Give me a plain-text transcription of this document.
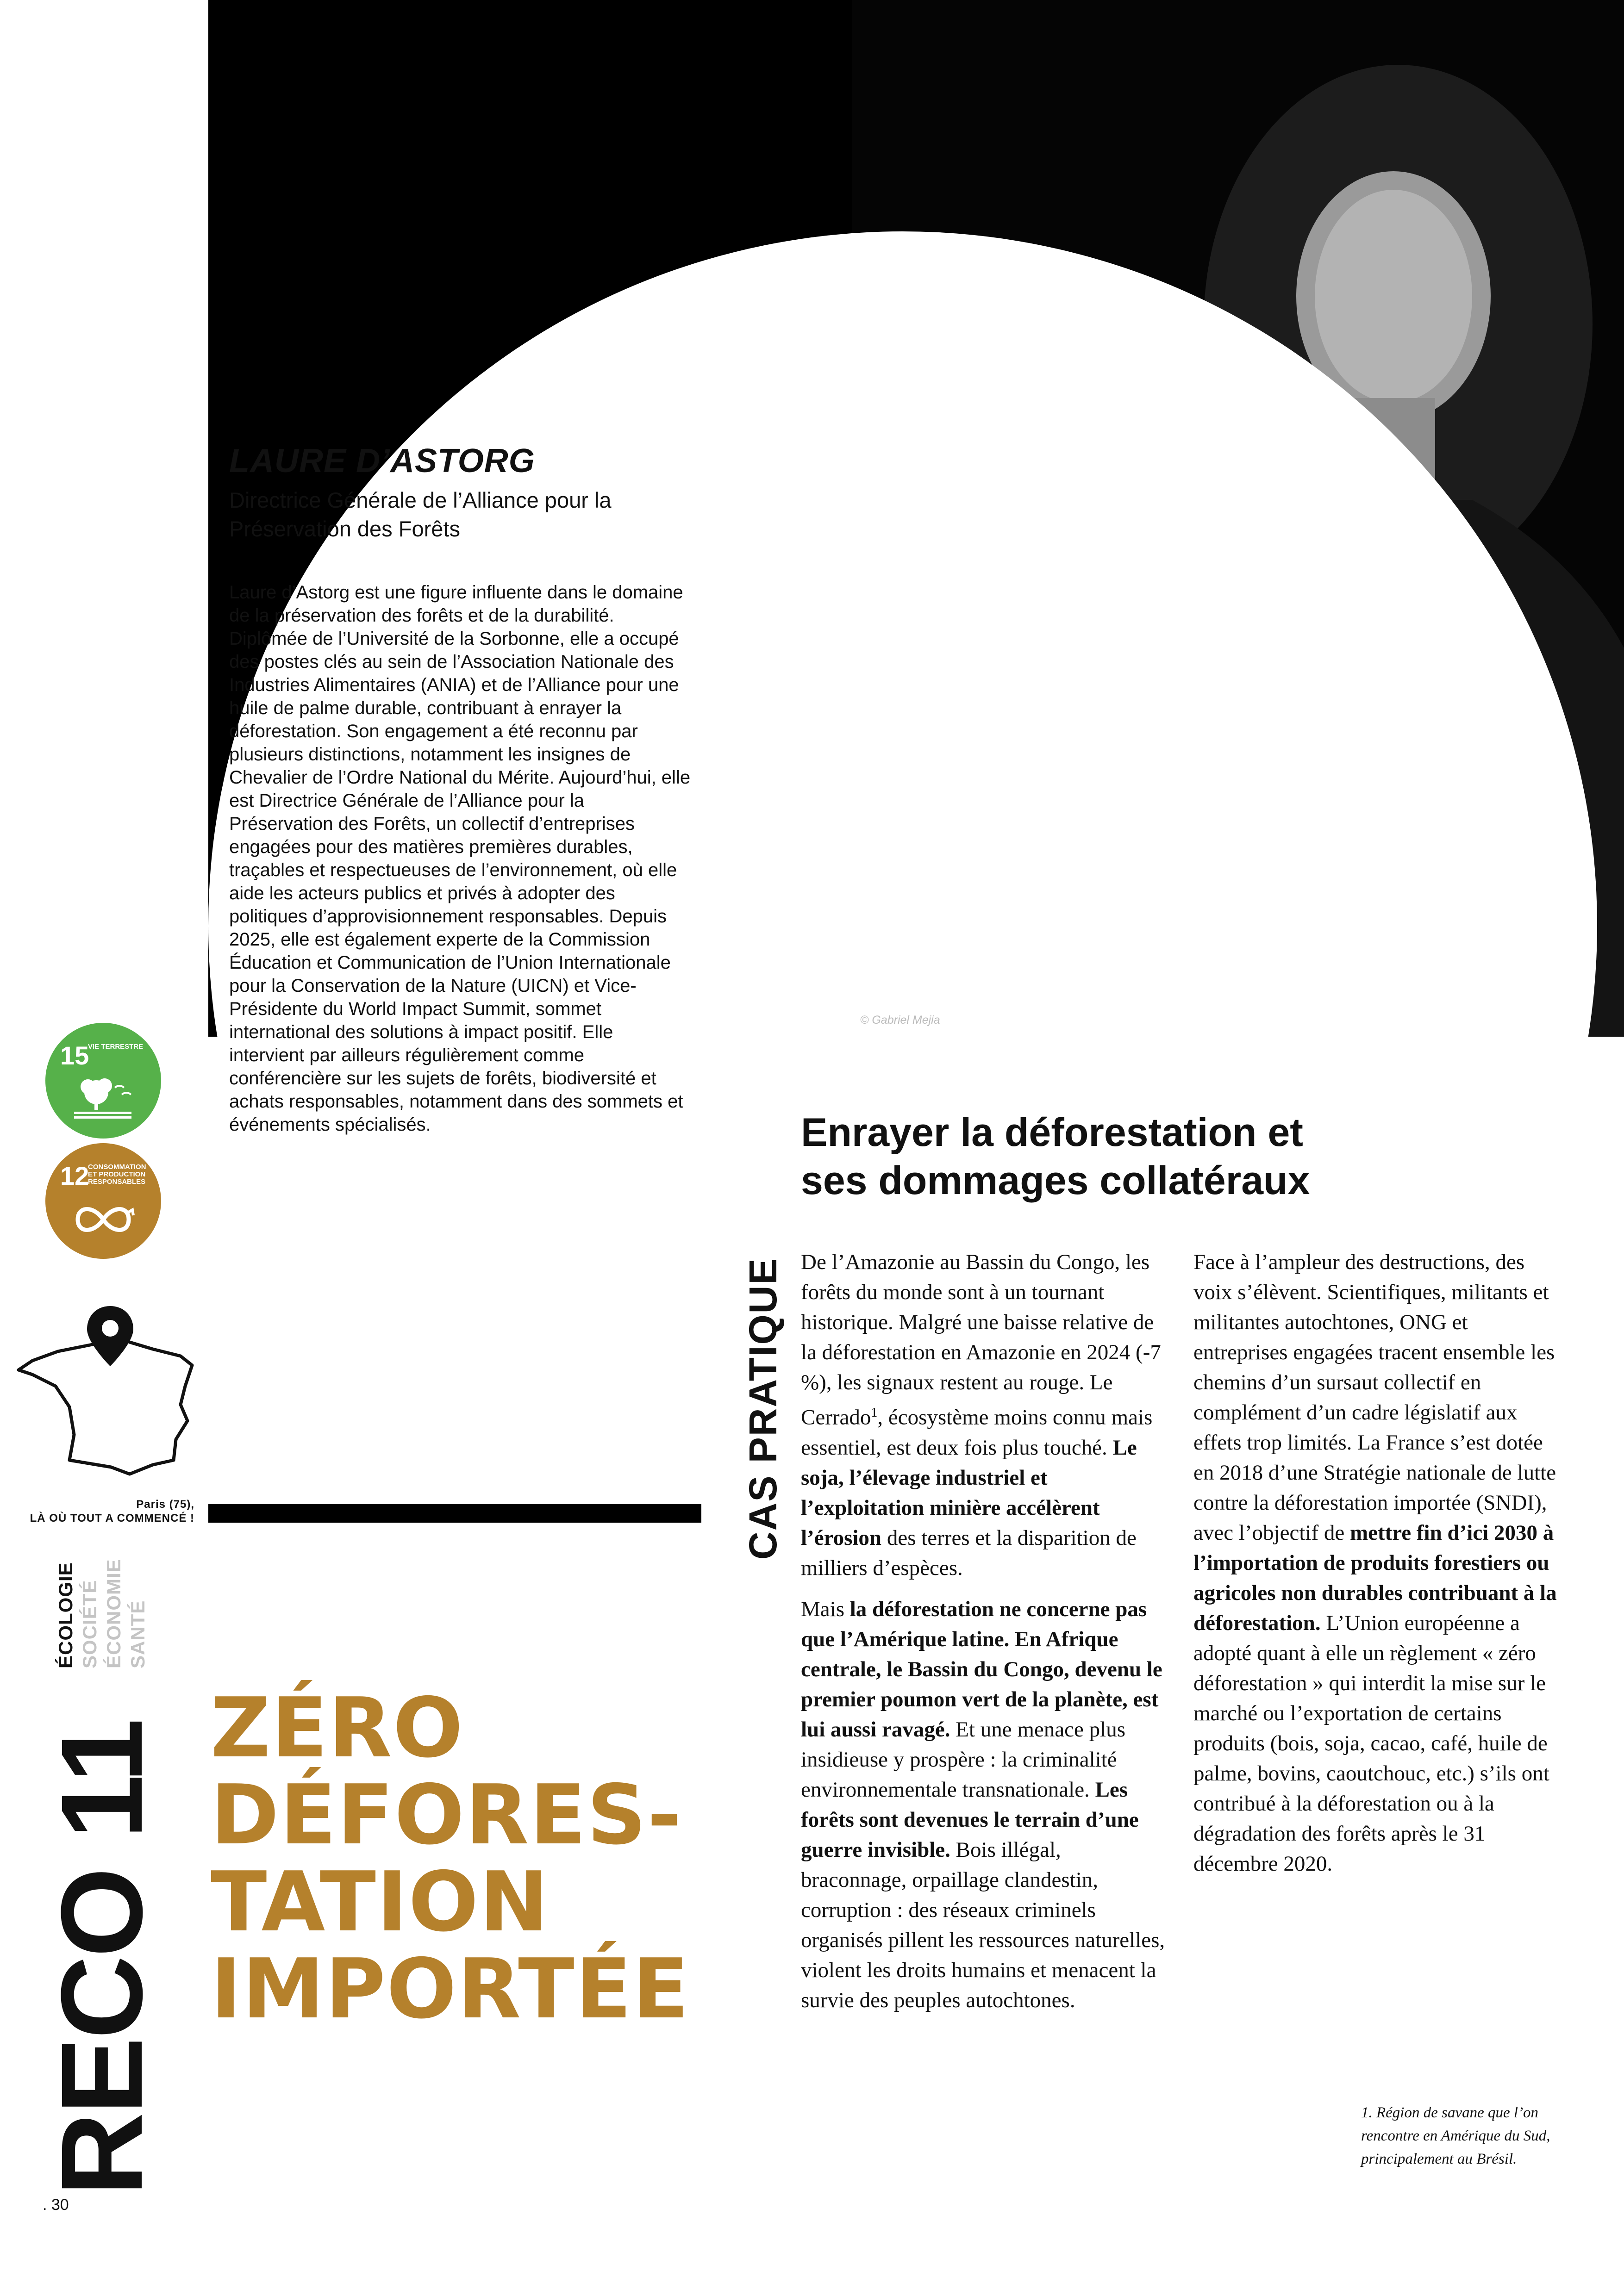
© Gabriel Mejia
LAURE D’ASTORG
Directrice Générale de l’Alliance pour la Préservation des Forêts
Laure d’Astorg est une figure influente dans le domaine de la préservation des forêts et de la durabilité. Diplômée de l’Université de la Sorbonne, elle a occupé des postes clés au sein de l’Association Nationale des Industries Alimentaires (ANIA) et de l’Alliance pour une huile de palme durable, contribuant à enrayer la déforestation. Son engagement a été reconnu par plusieurs distinctions, notamment les insignes de Chevalier de l’Ordre National du Mérite. Aujourd’hui, elle est Directrice Générale de l’Alliance pour la Préservation des Forêts, un collectif d’entreprises engagées pour des matières premières durables, traçables et respectueuses de l’environnement, où elle aide les acteurs publics et privés à adopter des politiques d’approvisionnement responsables. Depuis 2025, elle est également experte de la Commission Éducation et Communication de l’Union Internationale pour la Conservation de la Nature (UICN) et Vice-Présidente du World Impact Summit, sommet international des solutions à impact positif. Elle intervient par ailleurs régulièrement comme conférencière sur les sujets de forêts, biodiversité et achats responsables, notamment dans des sommets et événements spécialisés.
15
VIE TERRESTRE
12
CONSOMMATION ET PRODUCTION RESPONSABLES
Paris (75),
LÀ OÙ TOUT A COMMENCÉ !
ÉCOLOGIE SOCIÉTÉ ÉCONOMIE SANTÉ
RECO 11
. 30
ZÉRO
DÉFORES-
TATION
IMPORTÉE
Enrayer la déforestation et
ses dommages collatéraux
CAS PRATIQUE De l’Amazonie au Bassin du Congo, les forêts du monde sont à un tournant historique. Malgré une baisse relative de la déforestation en Amazonie en 2024 (-7 %), les signaux restent au rouge. Le Cerrado$^1$, écosystème moins connu mais essentiel, est deux fois plus touché. Le soja, l’élevage industriel et l’exploitation minière accélèrent l’érosion des terres et la disparition de milliers d’espèces.

Mais la déforestation ne concerne pas que l’Amérique latine. En Afrique centrale, le Bassin du Congo, devenu le premier poumon vert de la planète, est lui aussi ravagé. Et une menace plus insidieuse y prospère : la criminalité environnementale transnationale. Les forêts sont devenues le terrain d’une guerre invisible. Bois illégal, braconnage, orpaillage clandestin, corruption : des réseaux criminels organisés pillent les ressources naturelles, violent les droits humains et menacent la survie des peuples autochtones.

Face à l’ampleur des destructions, des voix s’élèvent. Scientifiques, militants et militantes autochtones, ONG et entreprises engagées tracent ensemble les chemins d’un sursaut collectif en complément d’un cadre législatif aux effets trop limités. La France s’est dotée en 2018 d’une Stratégie nationale de lutte contre la déforestation importée (SNDI), avec l’objectif de mettre fin d’ici 2030 à l’importation de produits forestiers ou agricoles non durables contribuant à la déforestation. L’Union européenne a adopté quant à elle un règlement « zéro déforestation » qui interdit la mise sur le marché ou l’exportation de certains produits (bois, soja, cacao, café, huile de palme, bovins, caoutchouc, etc.) s’ils ont contribué à la déforestation ou à la dégradation des forêts après le 31 décembre 2020.

1. Région de savane que l’on rencontre en Amérique du Sud, principalement au Brésil.
